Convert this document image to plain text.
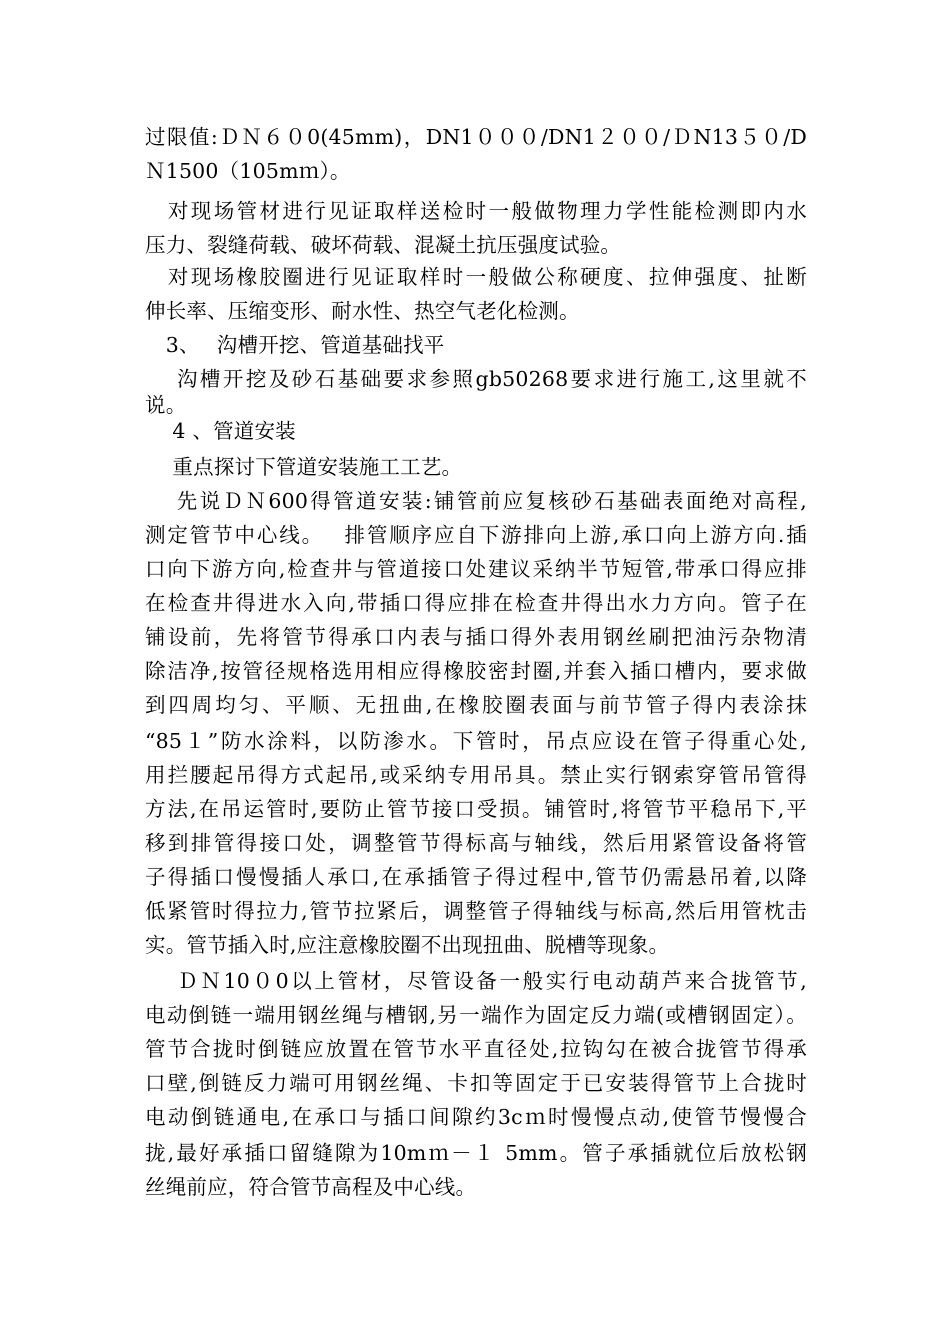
过限值:ＤＮ６０0(45mm)，DN1０００/DN1２００/ＤN13５０/D
Ｎ1500（105mｍ）。
　对现场管材进行见证取样送检时一般做物理力学性能检测即内水
压力、裂缝荷载、破坏荷载、混凝土抗压强度试验。
　对现场橡胶圈进行见证取样时一般做公称硬度、拉伸强度、扯断
伸长率、压缩变形、耐水性、热空气老化检测。
　3、　 沟槽开挖、管道基础找平
　 沟槽开挖及砂石基础要求参照gb50268要求进行施工,这里就不
说。
　 4 、管道安装
　 重点探讨下管道安装施工工艺。
　 先说ＤＮ600得管道安装:铺管前应复核砂石基础表面绝对高程,
测定管节中心线。　 排管顺序应自下游排向上游,承口向上游方向.插
口向下游方向,检查井与管道接口处建议采纳半节短管,带承口得应排
在检查井得进水入向,带插口得应排在检查井得出水力方向。管子在
铺设前，先将管节得承口内表与插口得外表用钢丝刷把油污杂物清
除洁净,按管径规格选用相应得橡胶密封圈,并套入插口槽内，要求做
到四周均匀、平顺、无扭曲,在橡胶圈表面与前节管子得内表涂抹
“85１”防水涂料，以防渗水。下管时，吊点应设在管子得重心处,
用拦腰起吊得方式起吊,或采纳专用吊具。禁止实行钢索穿管吊管得
方法,在吊运管时,要防止管节接口受损。铺管时,将管节平稳吊下,平
移到排管得接口处，调整管节得标高与轴线，然后用紧管设备将管
子得插口慢慢插人承口,在承插管子得过程中,管节仍需悬吊着,以降
低紧管时得拉力,管节拉紧后，调整管子得轴线与标高,然后用管枕击
实。管节插入时,应注意橡胶圈不出现扭曲、脱槽等现象。
　 ＤＮ10０0以上管材，尽管设备一般实行电动葫芦来合拢管节,
电动倒链一端用钢丝绳与槽钢,另一端作为固定反力端(或槽钢固定）。
管节合拢时倒链应放置在管节水平直径处,拉钩勾在被合拢管节得承
口壁,倒链反力端可用钢丝绳、卡扣等固定于已安装得管节上合拢时
电动倒链通电,在承口与插口间隙约3cｍ时慢慢点动,使管节慢慢合
拢,最好承插口留缝隙为10mｍ－１ 5mm。管子承插就位后放松钢
丝绳前应，符合管节高程及中心线。
